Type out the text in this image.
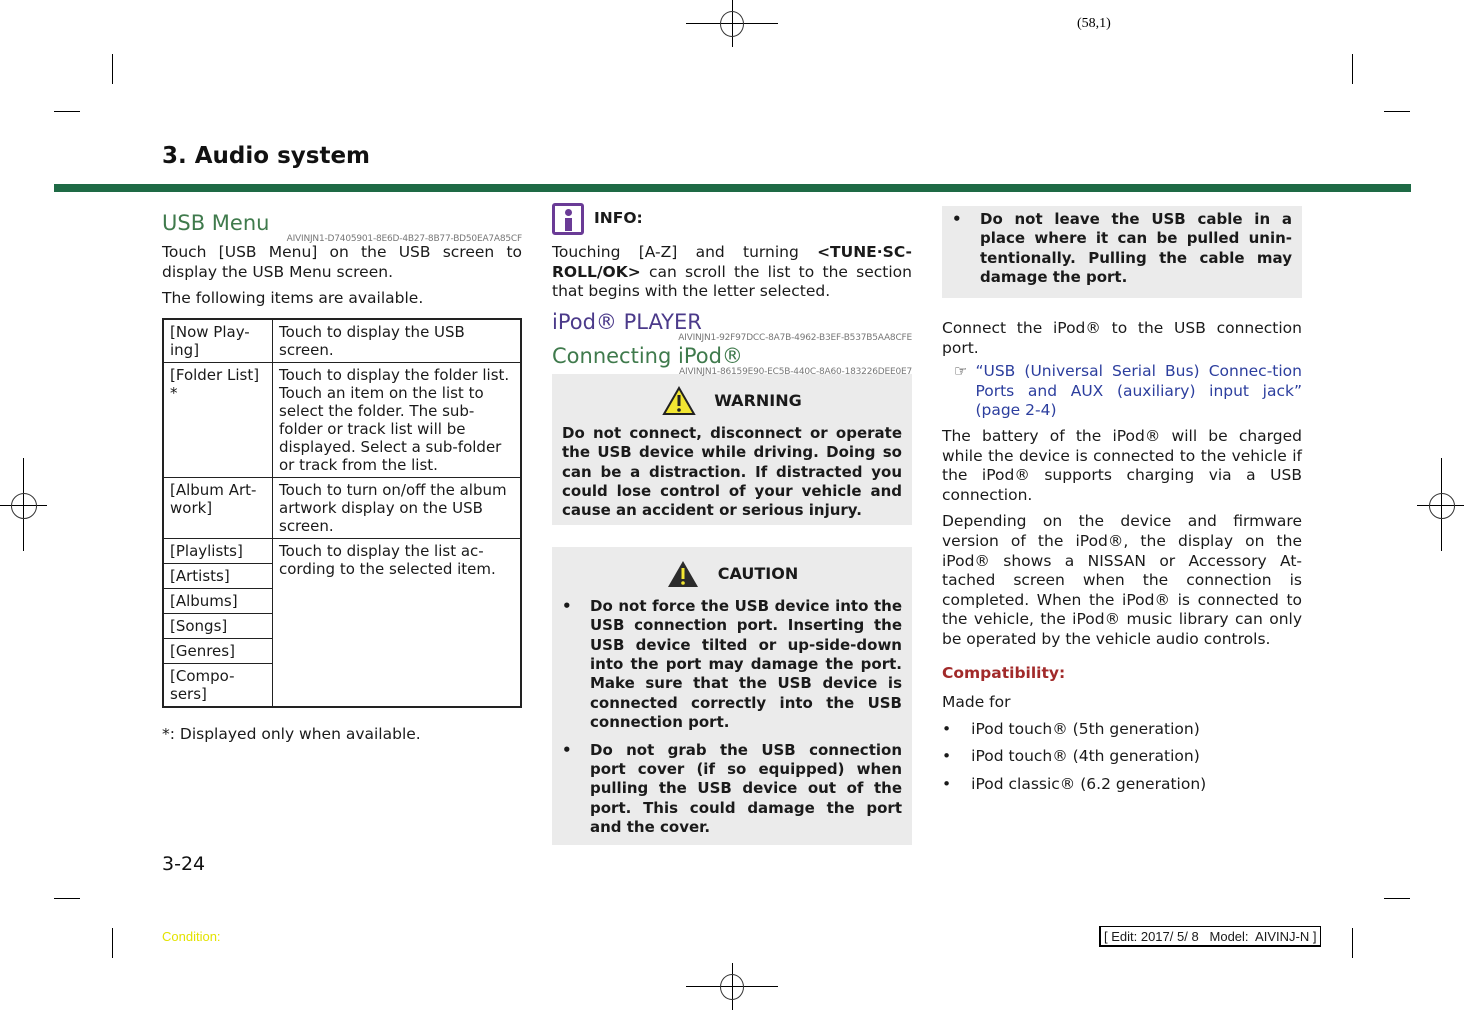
(58,1)
3. Audio system
USB Menu
AIVINJN1-D7405901-8E6D-4B27-8B77-BD50EA7A85CF

Touch [USB Menu] on the USB screen to display the USB Menu screen.

The following items are available.

[Now Play-ing]	Touch to display the USB screen.
[Folder List] *	Touch to display the folder list. Touch an item on the list to select the folder. The sub-folder or track list will be displayed. Select a sub-folder or track from the list.
[Album Art-work]	Touch to turn on/off the album artwork display on the USB screen.
[Playlists]	Touch to display the list ac-cording to the selected item.
[Artists]	
[Albums]	
[Songs]	
[Genres]	
[Compo-sers]	

*: Displayed only when available.

INFO:

Touching [A-Z] and turning <TUNE·SC-ROLL/OK> can scroll the list to the section that begins with the letter selected.

iPod® PLAYER
AIVINJN1-92F97DCC-8A7B-4962-B3EF-B537B5AA8CFE
Connecting iPod®
AIVINJN1-86159E90-EC5B-440C-8A60-183226DEE0E7
WARNING
Do not connect, disconnect or operate the USB device while driving. Doing so can be a distraction. If distracted you could lose control of your vehicle and cause an accident or serious injury.
CAUTION
• Do not force the USB device into the USB connection port. Inserting the USB device tilted or up-side-down into the port may damage the port. Make sure that the USB device is connected correctly into the USB connection port.
• Do not grab the USB connection port cover (if so equipped) when pulling the USB device out of the port. This could damage the port and the cover.
• Do not leave the USB cable in a place where it can be pulled unin-tentionally. Pulling the cable may damage the port.

Connect the iPod® to the USB connection port.

☞ “USB (Universal Serial Bus) Connec-tion Ports and AUX (auxiliary) input jack” (page 2-4)

The battery of the iPod® will be charged while the device is connected to the vehicle if the iPod® supports charging via a USB connection.

Depending on the device and firmware version of the iPod®, the display on the iPod® shows a NISSAN or Accessory At-tached screen when the connection is completed. When the iPod® is connected to the vehicle, the iPod® music library can only be operated by the vehicle audio controls.

Compatibility:

Made for

• iPod touch® (5th generation)
• iPod touch® (4th generation)
• iPod classic® (6.2 generation)
3-24
Condition:	[ Edit: 2017/ 5/ 8   Model:  AIVINJ-N ]
